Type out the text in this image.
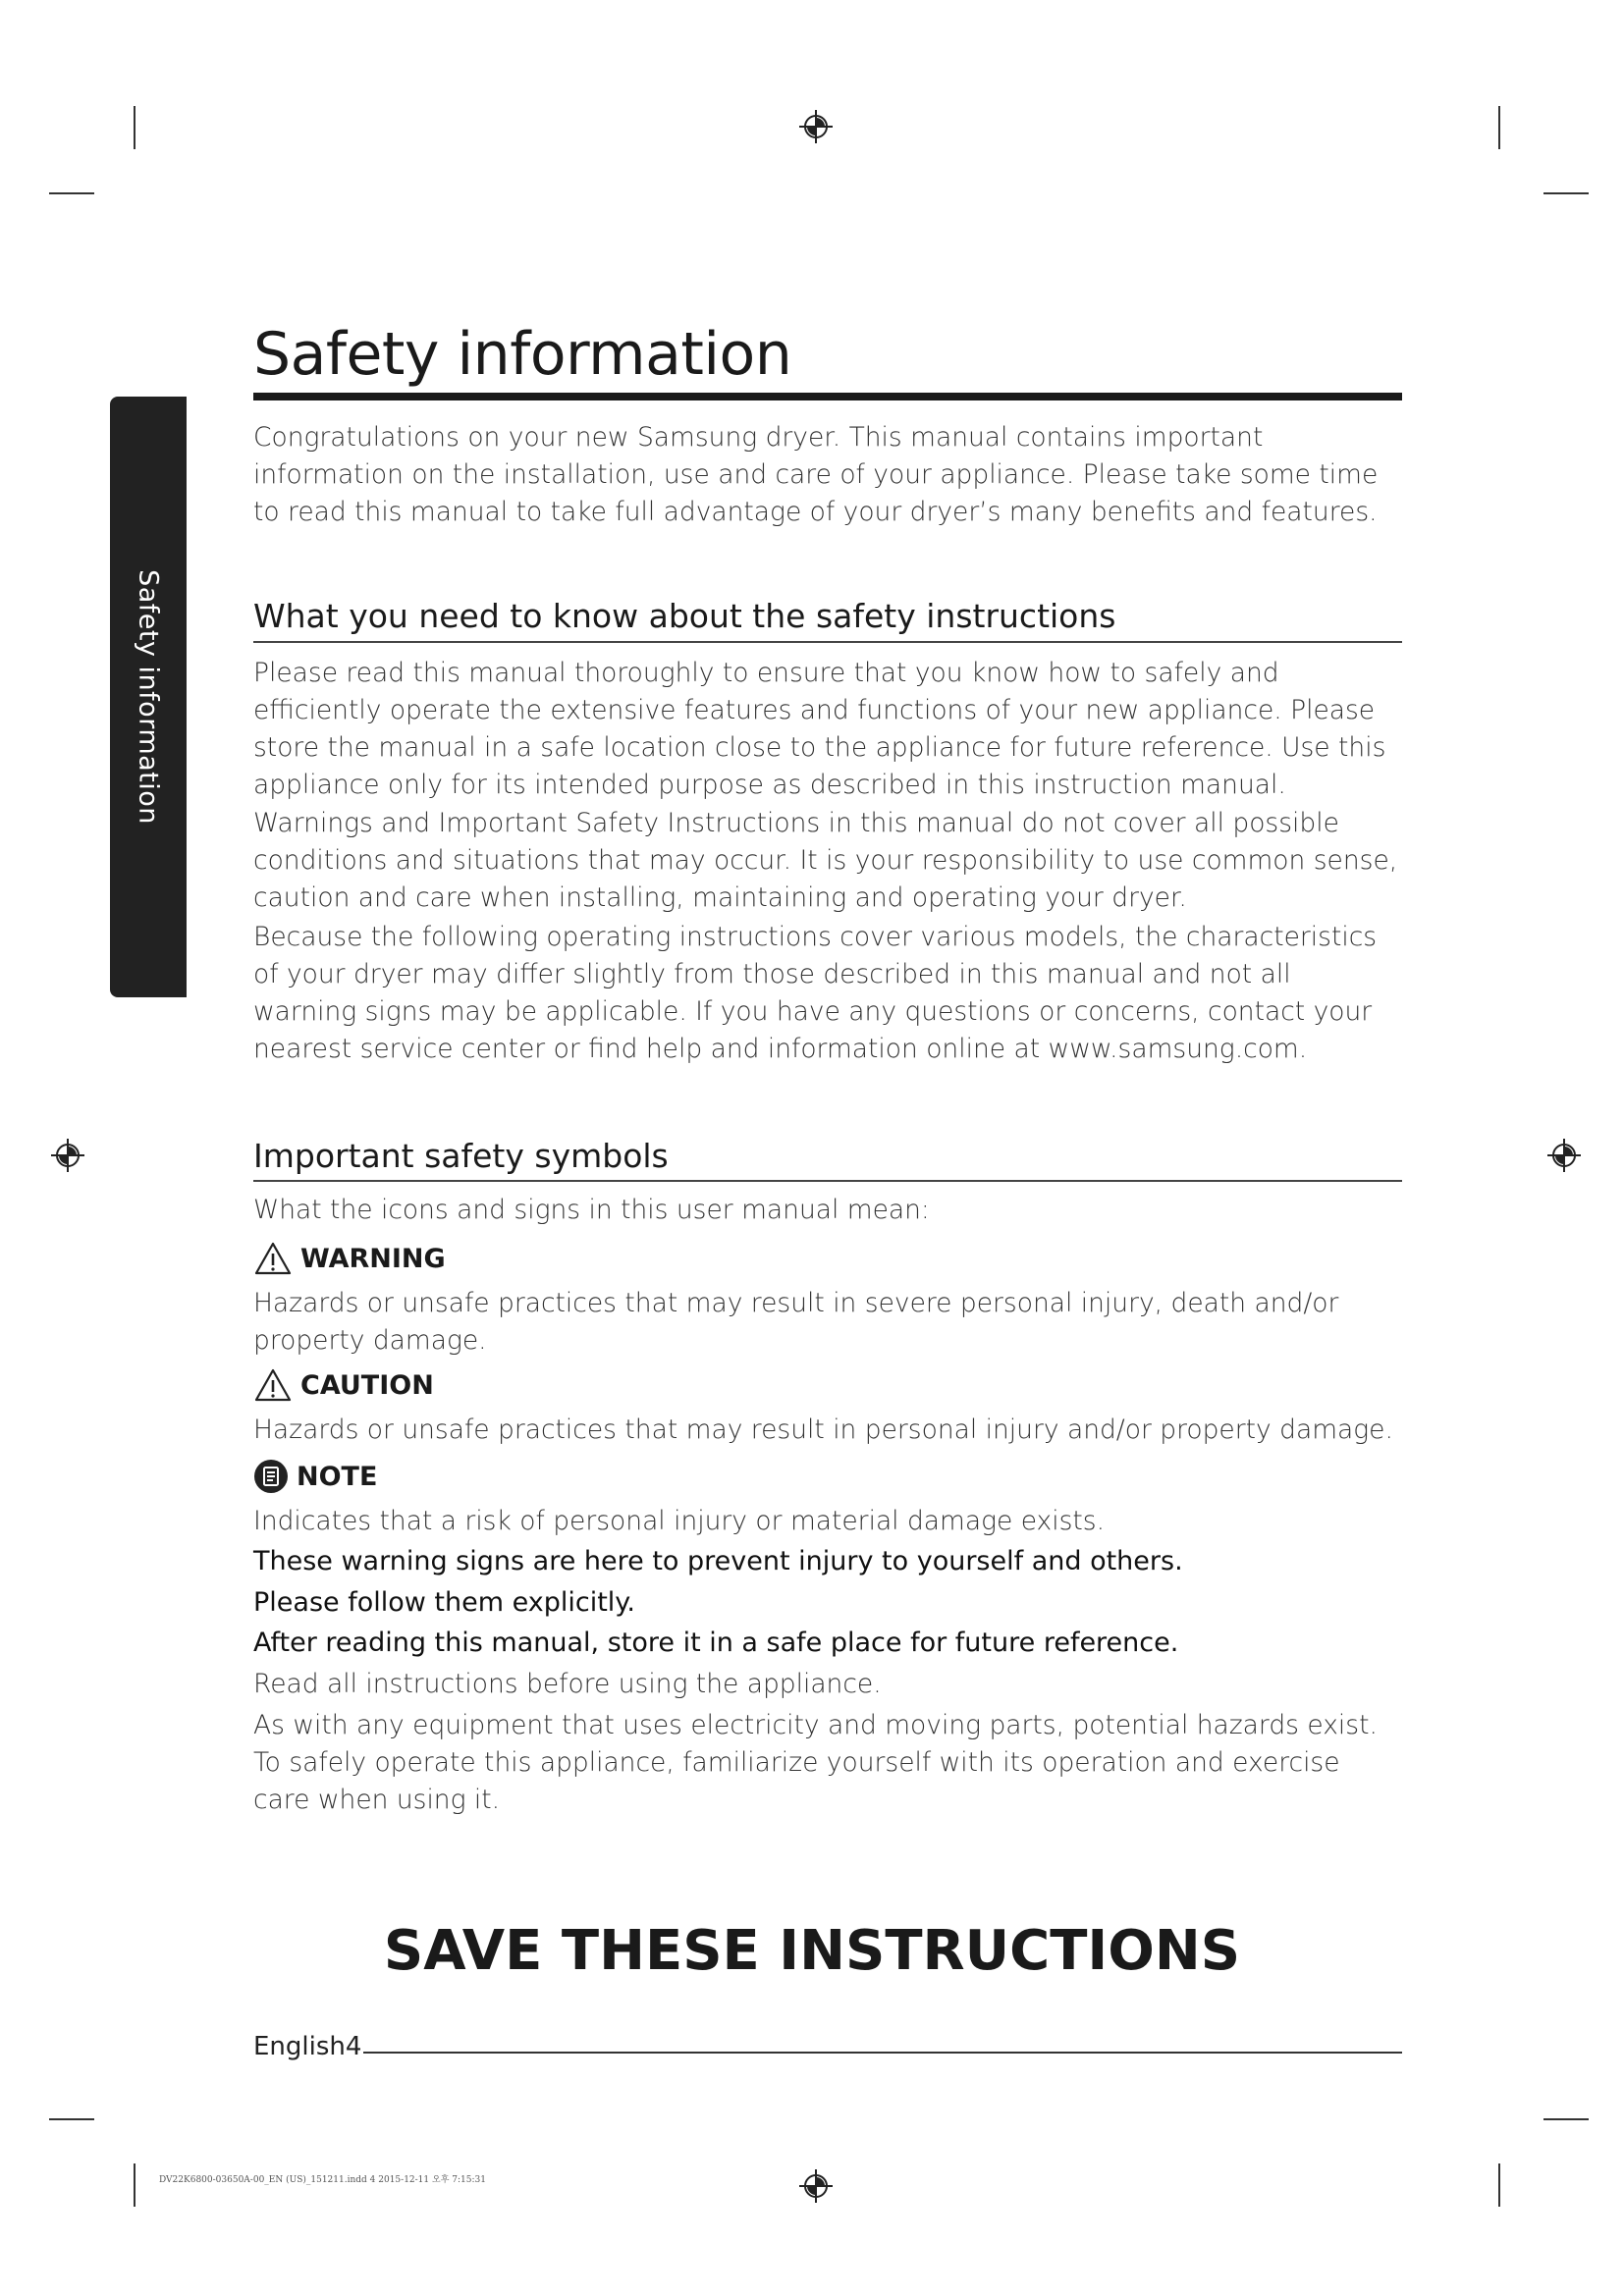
Safety information
Safety information

Congratulations on your new Samsung dryer. This manual contains important information on the installation, use and care of your appliance. Please take some time to read this manual to take full advantage of your dryer’s many benefits and features.

What you need to know about the safety instructions

Please read this manual thoroughly to ensure that you know how to safely and efficiently operate the extensive features and functions of your new appliance. Please store the manual in a safe location close to the appliance for future reference. Use this appliance only for its intended purpose as described in this instruction manual.

Warnings and Important Safety Instructions in this manual do not cover all possible conditions and situations that may occur. It is your responsibility to use common sense, caution and care when installing, maintaining and operating your dryer.

Because the following operating instructions cover various models, the characteristics of your dryer may differ slightly from those described in this manual and not all warning signs may be applicable. If you have any questions or concerns, contact your nearest service center or find help and information online at www.samsung.com.

Important safety symbols

What the icons and signs in this user manual mean:

WARNING

Hazards or unsafe practices that may result in severe personal injury, death and/or property damage.

CAUTION

Hazards or unsafe practices that may result in personal injury and/or property damage.

NOTE

Indicates that a risk of personal injury or material damage exists.

These warning signs are here to prevent injury to yourself and others.

Please follow them explicitly.

After reading this manual, store it in a safe place for future reference.

Read all instructions before using the appliance.

As with any equipment that uses electricity and moving parts, potential hazards exist. To safely operate this appliance, familiarize yourself with its operation and exercise care when using it.

SAVE THESE INSTRUCTIONS
English4
DV22K6800-03650A-00_EN (US)_151211.indd 4 2015-12-11 오후 7:15:31
